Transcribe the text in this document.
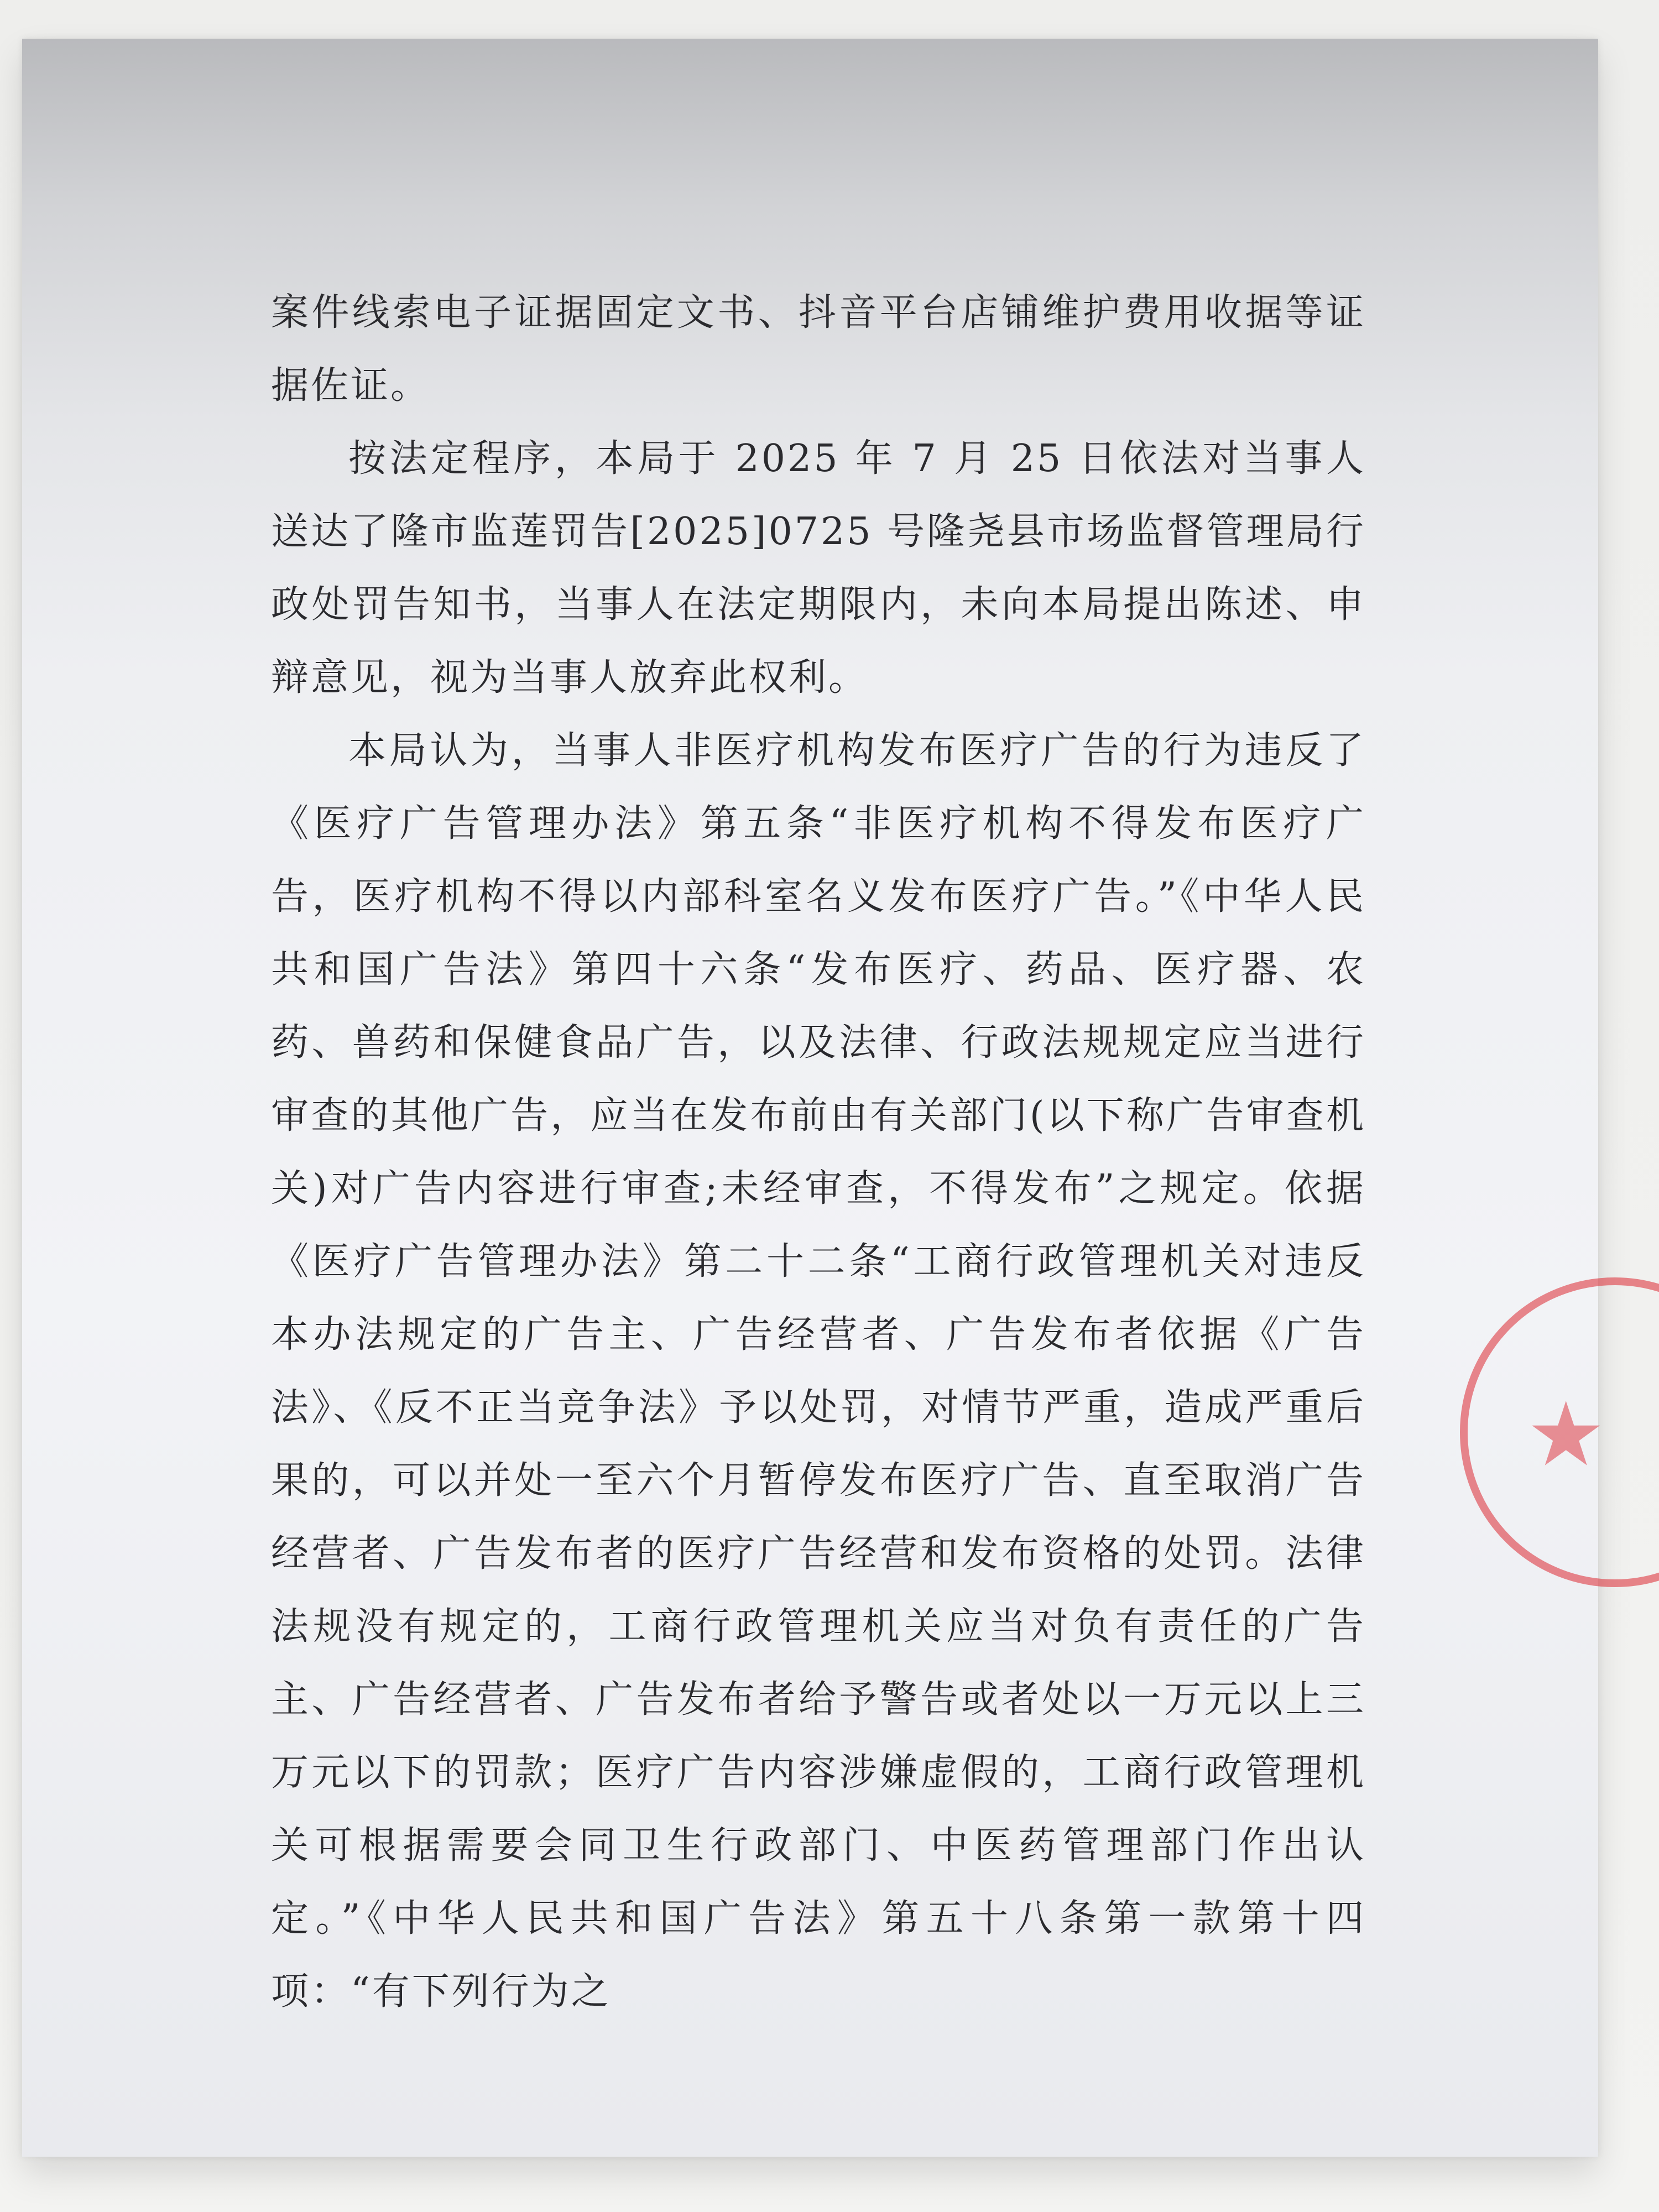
案件线索电子证据固定文书、抖音平台店铺维护费用收据等证据佐证。

按法定程序，本局于 2025 年 7 月 25 日依法对当事人送达了隆市监莲罚告[2025]0725 号隆尧县市场监督管理局行政处罚告知书，当事人在法定期限内，未向本局提出陈述、申辩意见，视为当事人放弃此权利。

本局认为，当事人非医疗机构发布医疗广告的行为违反了《医疗广告管理办法》第五条“非医疗机构不得发布医疗广告，医疗机构不得以内部科室名义发布医疗广告。”《中华人民共和国广告法》第四十六条“发布医疗、药品、医疗器、农药、兽药和保健食品广告，以及法律、行政法规规定应当进行审查的其他广告，应当在发布前由有关部门(以下称广告审查机关)对广告内容进行审查;未经审查，不得发布”之规定。依据《医疗广告管理办法》第二十二条“工商行政管理机关对违反本办法规定的广告主、广告经营者、广告发布者依据《广告法》、《反不正当竞争法》予以处罚，对情节严重，造成严重后果的，可以并处一至六个月暂停发布医疗广告、直至取消广告经营者、广告发布者的医疗广告经营和发布资格的处罚。法律法规没有规定的，工商行政管理机关应当对负有责任的广告主、广告经营者、广告发布者给予警告或者处以一万元以上三万元以下的罚款；医疗广告内容涉嫌虚假的，工商行政管理机关可根据需要会同卫生行政部门、中医药管理部门作出认定。”《中华人民共和国广告法》第五十八条第一款第十四项：“有下列行为之

★
